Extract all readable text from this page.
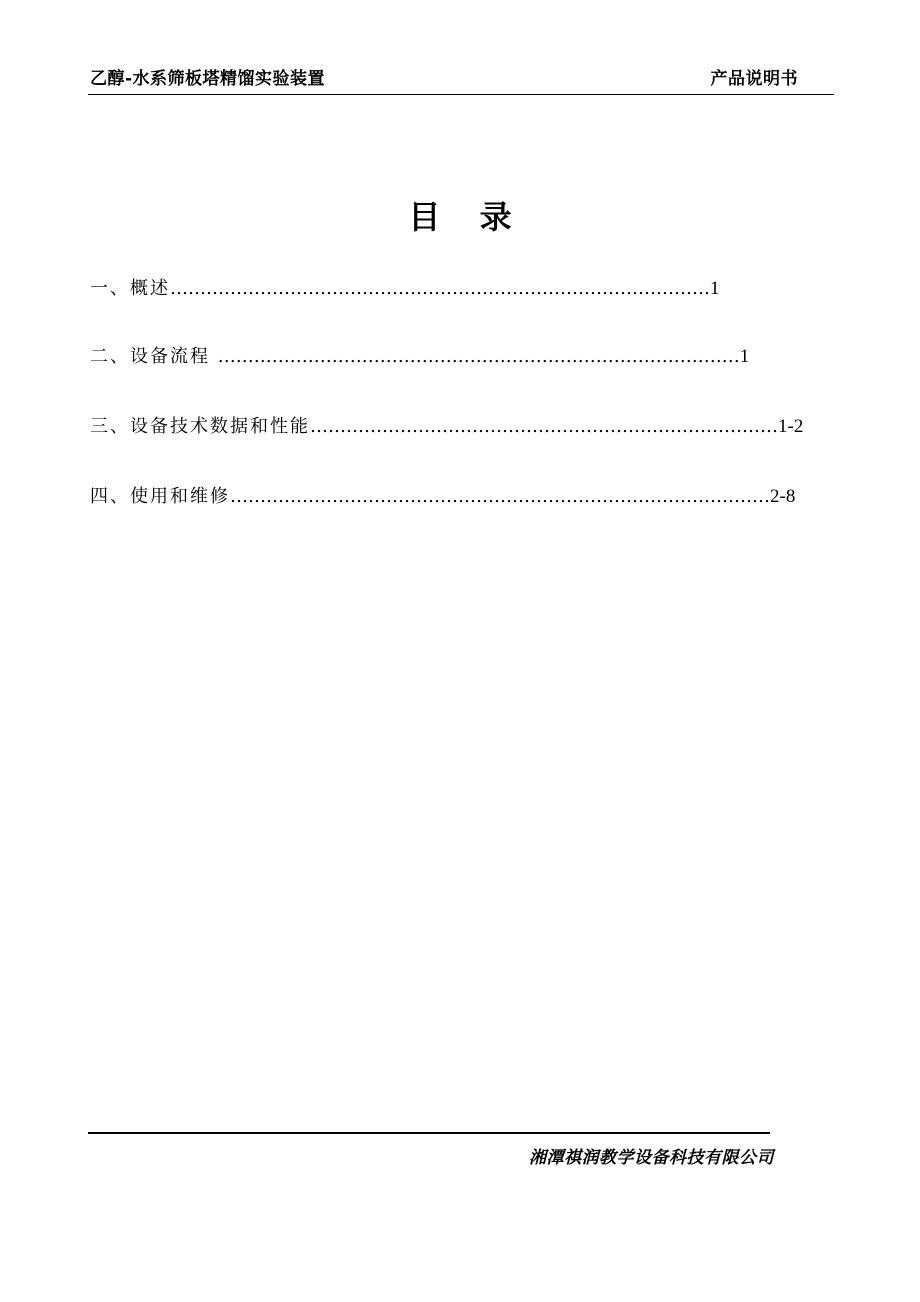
乙醇-水系筛板塔精馏实验装置	产品说明书
目 录
一、概述………………………………………………………………………………1
二、设备流程 ……………………………………………………………………………1
三、设备技术数据和性能……………………………………………………………………1-2
四、使用和维修………………………………………………………………………………2-8
湘潭祺润教学设备科技有限公司
